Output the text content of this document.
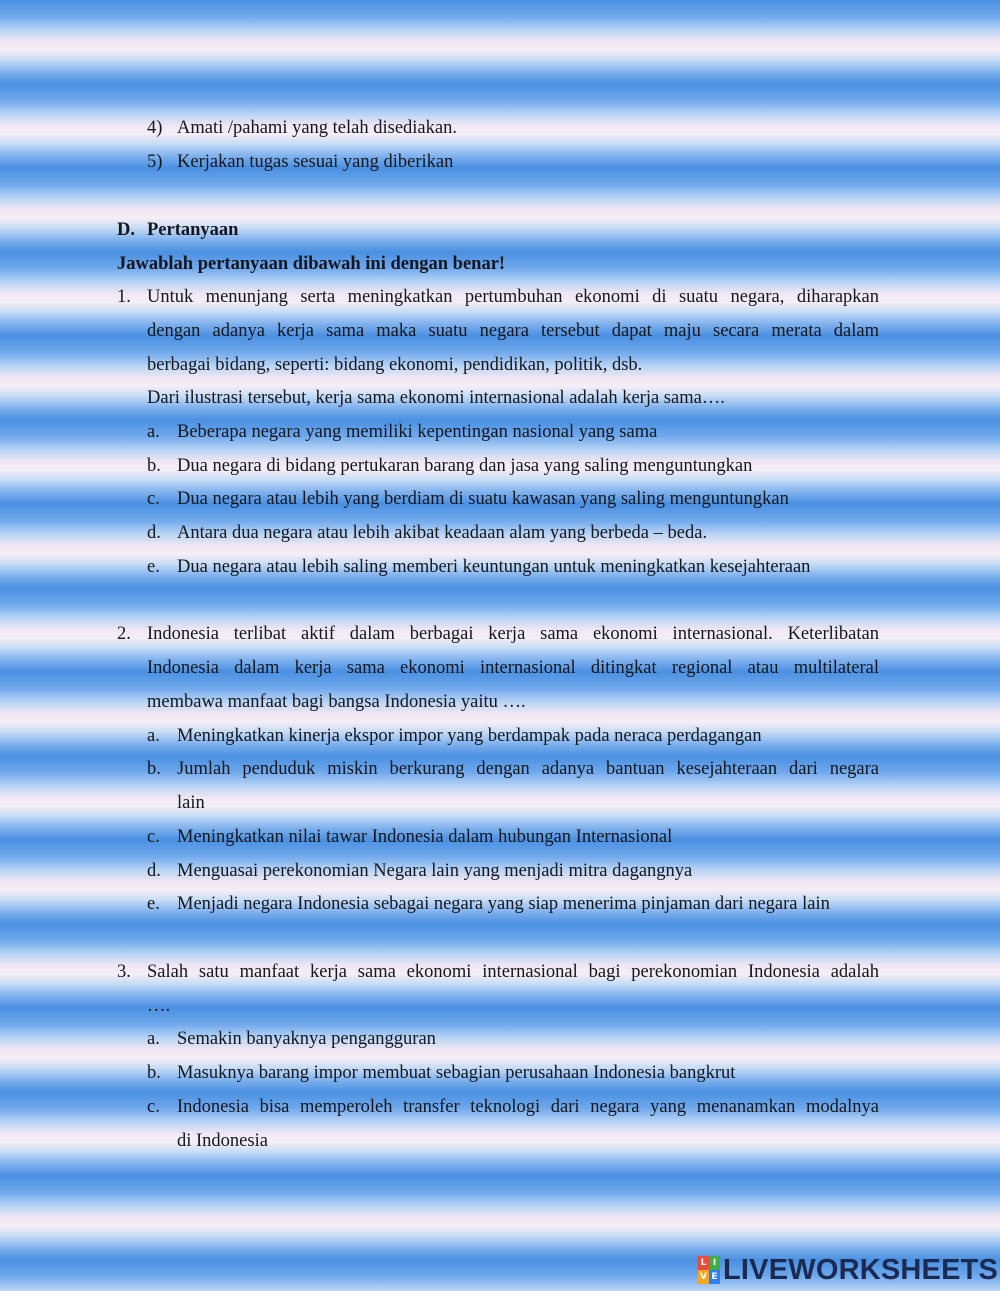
4) Amati /pahami yang telah disediakan.
5) Kerjakan tugas sesuai yang diberikan
D. Pertanyaan
Jawablah pertanyaan dibawah ini dengan benar!
1. Untuk menunjang serta meningkatkan pertumbuhan ekonomi di suatu negara, diharapkan
dengan adanya kerja sama maka suatu negara tersebut dapat maju secara merata dalam
berbagai bidang, seperti: bidang ekonomi, pendidikan, politik, dsb.
Dari ilustrasi tersebut, kerja sama ekonomi internasional adalah kerja sama….
a. Beberapa negara yang memiliki kepentingan nasional yang sama
b. Dua negara di bidang pertukaran barang dan jasa yang saling menguntungkan
c. Dua negara atau lebih yang berdiam di suatu kawasan yang saling menguntungkan
d. Antara dua negara atau lebih akibat keadaan alam yang berbeda – beda.
e. Dua negara atau lebih saling memberi keuntungan untuk meningkatkan kesejahteraan
2. Indonesia terlibat aktif dalam berbagai kerja sama ekonomi internasional. Keterlibatan
Indonesia dalam kerja sama ekonomi internasional ditingkat regional atau multilateral
membawa manfaat bagi bangsa Indonesia yaitu ….
a. Meningkatkan kinerja ekspor impor yang berdampak pada neraca perdagangan
b. Jumlah penduduk miskin berkurang dengan adanya bantuan kesejahteraan dari negara
lain
c. Meningkatkan nilai tawar Indonesia dalam hubungan Internasional
d. Menguasai perekonomian Negara lain yang menjadi mitra dagangnya
e. Menjadi negara Indonesia sebagai negara yang siap menerima pinjaman dari negara lain
3. Salah satu manfaat kerja sama ekonomi internasional bagi perekonomian Indonesia adalah
….
a. Semakin banyaknya pengangguran
b. Masuknya barang impor membuat sebagian perusahaan Indonesia bangkrut
c. Indonesia bisa memperoleh transfer teknologi dari negara yang menanamkan modalnya
di Indonesia
L I
V E LIVEWORKSHEETS
